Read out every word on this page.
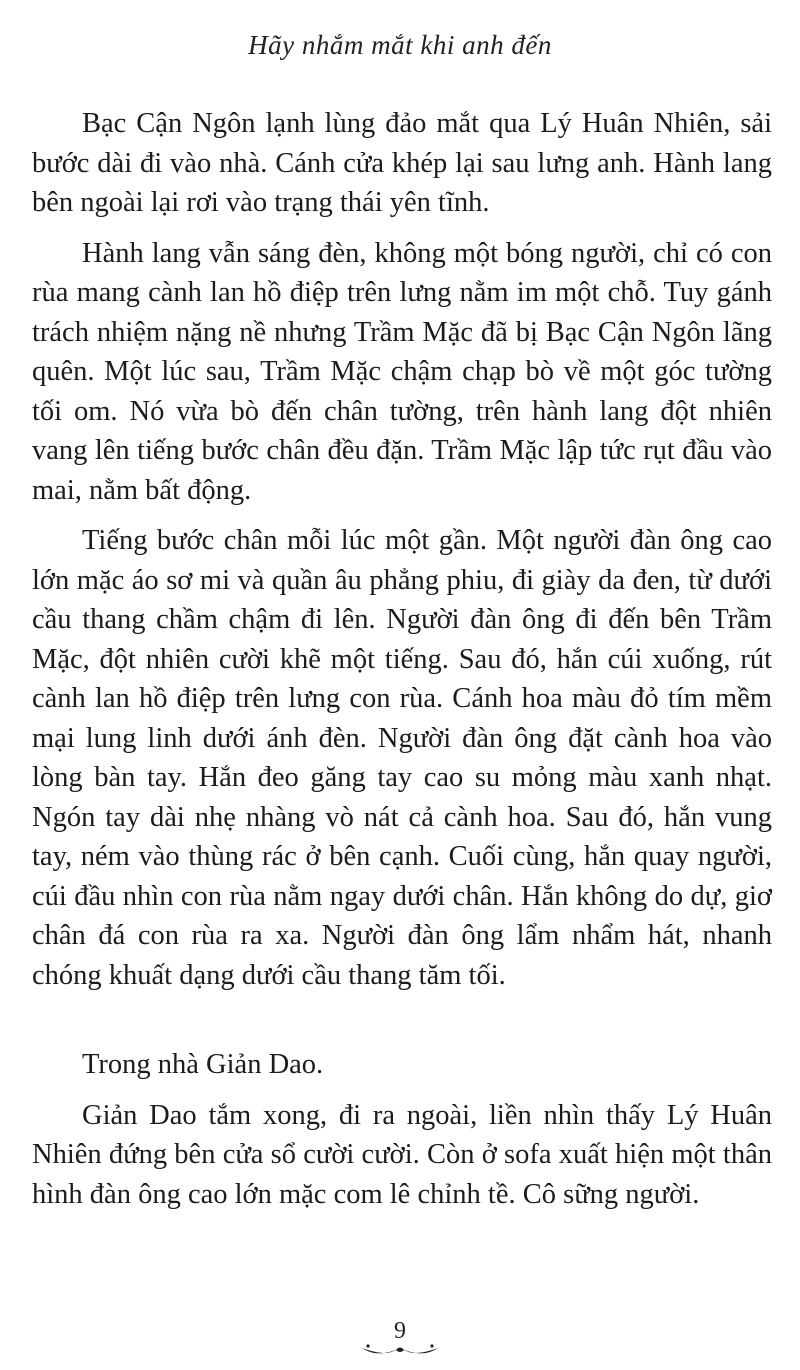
Hãy nhắm mắt khi anh đến

Bạc Cận Ngôn lạnh lùng đảo mắt qua Lý Huân Nhiên, sải bước dài đi vào nhà. Cánh cửa khép lại sau lưng anh. Hành lang bên ngoài lại rơi vào trạng thái yên tĩnh.

Hành lang vẫn sáng đèn, không một bóng người, chỉ có con rùa mang cành lan hồ điệp trên lưng nằm im một chỗ. Tuy gánh trách nhiệm nặng nề nhưng Trầm Mặc đã bị Bạc Cận Ngôn lãng quên. Một lúc sau, Trầm Mặc chậm chạp bò về một góc tường tối om. Nó vừa bò đến chân tường, trên hành lang đột nhiên vang lên tiếng bước chân đều đặn. Trầm Mặc lập tức rụt đầu vào mai, nằm bất động.

Tiếng bước chân mỗi lúc một gần. Một người đàn ông cao lớn mặc áo sơ mi và quần âu phẳng phiu, đi giày da đen, từ dưới cầu thang chầm chậm đi lên. Người đàn ông đi đến bên Trầm Mặc, đột nhiên cười khẽ một tiếng. Sau đó, hắn cúi xuống, rút cành lan hồ điệp trên lưng con rùa. Cánh hoa màu đỏ tím mềm mại lung linh dưới ánh đèn. Người đàn ông đặt cành hoa vào lòng bàn tay. Hắn đeo găng tay cao su mỏng màu xanh nhạt. Ngón tay dài nhẹ nhàng vò nát cả cành hoa. Sau đó, hắn vung tay, ném vào thùng rác ở bên cạnh. Cuối cùng, hắn quay người, cúi đầu nhìn con rùa nằm ngay dưới chân. Hắn không do dự, giơ chân đá con rùa ra xa. Người đàn ông lẩm nhẩm hát, nhanh chóng khuất dạng dưới cầu thang tăm tối.

Trong nhà Giản Dao.

Giản Dao tắm xong, đi ra ngoài, liền nhìn thấy Lý Huân Nhiên đứng bên cửa sổ cười cười. Còn ở sofa xuất hiện một thân hình đàn ông cao lớn mặc com lê chỉnh tề. Cô sững người.

9
